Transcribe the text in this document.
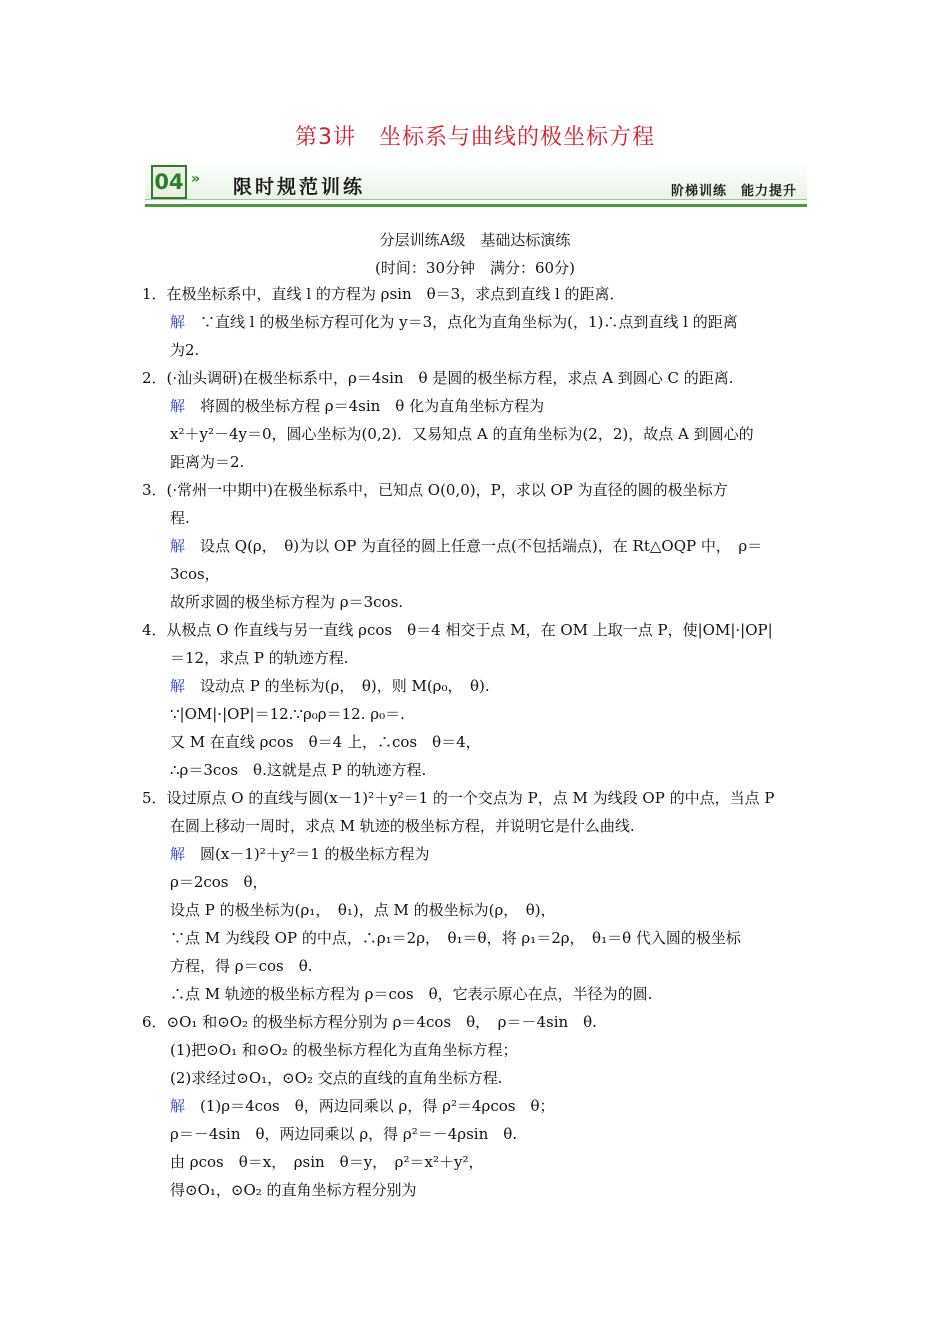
第3讲　坐标系与曲线的极坐标方程
04 » 限时规范训练	阶梯训练　能力提升
分层训练A级　基础达标演练
(时间：30分钟　满分：60分)
1．在极坐标系中，直线 l 的方程为 ρsin　θ＝3，求点到直线 l 的距离．
解　∵直线 l 的极坐标方程可化为 y＝3，点化为直角坐标为(，1)∴点到直线 l 的距离
为2.
2．(·汕头调研)在极坐标系中，ρ＝4sin　θ 是圆的极坐标方程，求点 A 到圆心 C 的距离.
解　将圆的极坐标方程 ρ＝4sin　θ 化为直角坐标方程为
x²＋y²－4y＝0，圆心坐标为(0,2)．又易知点 A 的直角坐标为(2，2)，故点 A 到圆心的
距离为＝2.
3．(·常州一中期中)在极坐标系中，已知点 O(0,0)，P，求以 OP 为直径的圆的极坐标方
程.
解　设点 Q(ρ，　θ)为以 OP 为直径的圆上任意一点(不包括端点)，在 Rt△OQP 中，　ρ＝
3cos，
故所求圆的极坐标方程为 ρ＝3cos.
4．从极点 O 作直线与另一直线 ρcos　θ＝4 相交于点 M，在 OM 上取一点 P，使|OM|·|OP|
＝12，求点 P 的轨迹方程.
解　设动点 P 的坐标为(ρ，　θ)，则 M(ρ₀，　θ).
∵|OM|·|OP|＝12.∵ρ₀ρ＝12. ρ₀＝.
又 M 在直线 ρcos　θ＝4 上，∴cos　θ＝4，
∴ρ＝3cos　θ.这就是点 P 的轨迹方程.
5．设过原点 O 的直线与圆(x－1)²＋y²＝1 的一个交点为 P，点 M 为线段 OP 的中点，当点 P
在圆上移动一周时，求点 M 轨迹的极坐标方程，并说明它是什么曲线.
解　圆(x－1)²＋y²＝1 的极坐标方程为
ρ＝2cos　θ，
设点 P 的极坐标为(ρ₁，　θ₁)，点 M 的极坐标为(ρ，　θ)，
∵点 M 为线段 OP 的中点，∴ρ₁＝2ρ，　θ₁＝θ，将 ρ₁＝2ρ，　θ₁＝θ 代入圆的极坐标
方程，得 ρ＝cos　θ.
∴点 M 轨迹的极坐标方程为 ρ＝cos　θ，它表示原心在点，半径为的圆.
6．⊙O₁ 和⊙O₂ 的极坐标方程分别为 ρ＝4cos　θ，　ρ＝－4sin　θ.
(1)把⊙O₁ 和⊙O₂ 的极坐标方程化为直角坐标方程；
(2)求经过⊙O₁，⊙O₂ 交点的直线的直角坐标方程.
解　(1)ρ＝4cos　θ，两边同乘以 ρ，得 ρ²＝4ρcos　θ；
ρ＝－4sin　θ，两边同乘以 ρ，得 ρ²＝－4ρsin　θ.
由 ρcos　θ＝x，　ρsin　θ＝y，　ρ²＝x²＋y²，
得⊙O₁，⊙O₂ 的直角坐标方程分别为
